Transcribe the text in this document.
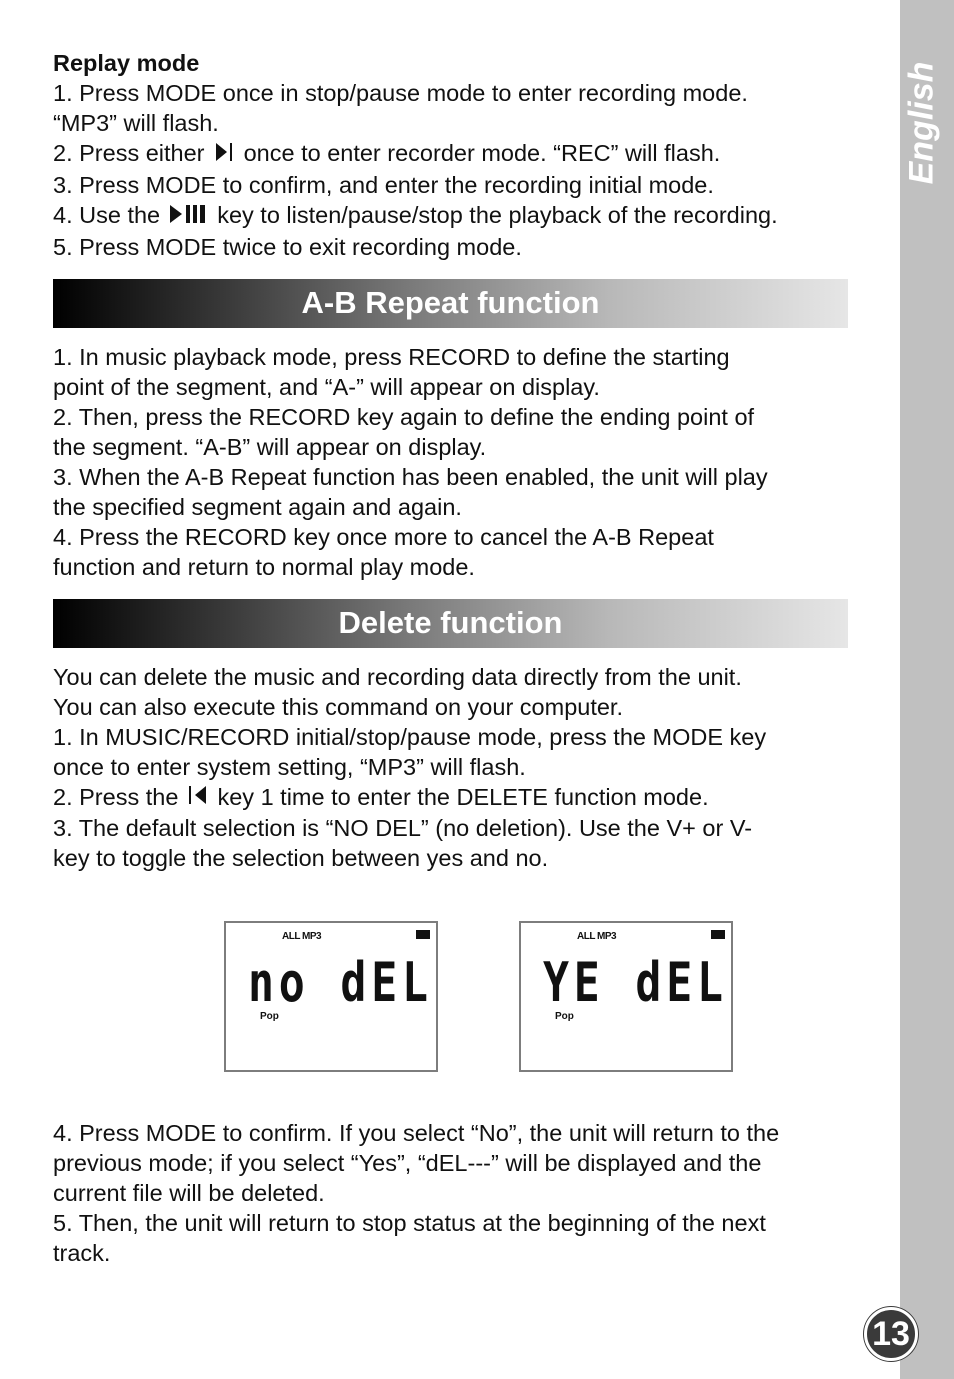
English

Replay mode

1. Press MODE once in stop/pause mode to enter recording mode.

“MP3” will flash.

2. Press either once to enter recorder mode. “REC” will flash.

3. Press MODE to confirm, and enter the recording initial mode.

4. Use the key to listen/pause/stop the playback of the recording.

5. Press MODE twice to exit recording mode.

A-B Repeat function

1. In music playback mode, press RECORD to define the starting

point of the segment, and “A-” will appear on display.

2. Then, press the RECORD key again to define the ending point of

the segment. “A-B” will appear on display.

3. When the A-B Repeat function has been enabled, the unit will play

the specified segment again and again.

4. Press the RECORD key once more to cancel the A-B Repeat

function and return to normal play mode.

Delete function

You can delete the music and recording data directly from the unit.

You can also execute this command on your computer.

1. In MUSIC/RECORD initial/stop/pause mode, press the MODE key

once to enter system setting, “MP3” will flash.

2. Press the key 1 time to enter the DELETE function mode.

3. The default selection is “NO DEL” (no deletion). Use the V+ or V-

key to toggle the selection between yes and no.

ALL MP3
no dEL
Pop
ALL MP3
YE dEL
Pop

4. Press MODE to confirm. If you select “No”, the unit will return to the

previous mode; if you select “Yes”, “dEL---” will be displayed and the

current file will be deleted.

5. Then, the unit will return to stop status at the beginning of the next

track.

13
